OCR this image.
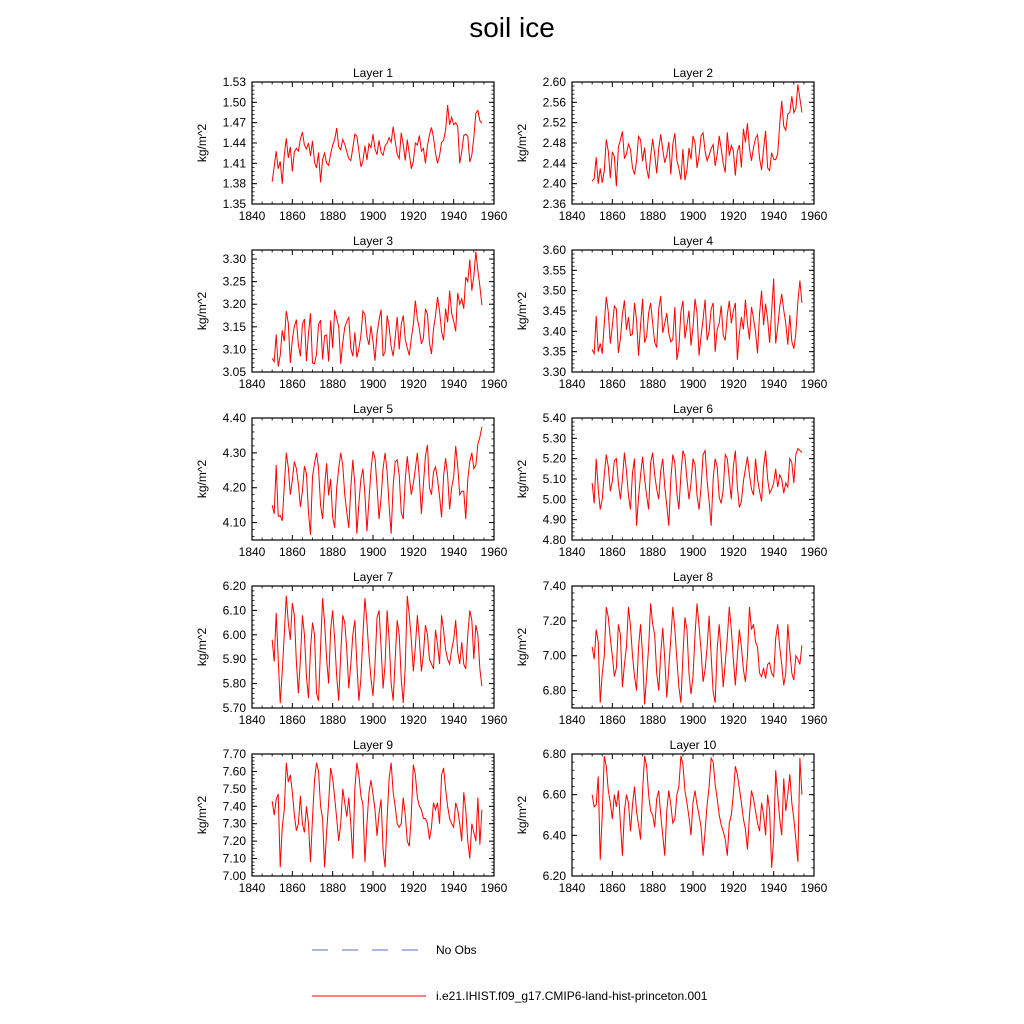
soil ice
Layer 1
kg/m^2
1840 1860 1880 1900 1920 1940 1960
1.35
1.38
1.41
1.44
1.47
1.50
1.53
Layer 2
kg/m^2
1840 1860 1880 1900 1920 1940 1960
2.36
2.40
2.44
2.48
2.52
2.56
2.60
Layer 3
kg/m^2
1840 1860 1880 1900 1920 1940 1960
3.05
3.10
3.15
3.20
3.25
3.30
Layer 4
kg/m^2
1840 1860 1880 1900 1920 1940 1960
3.30
3.35
3.40
3.45
3.50
3.55
3.60
Layer 5
kg/m^2
1840 1860 1880 1900 1920 1940 1960
4.10
4.20
4.30
4.40
Layer 6
kg/m^2
1840 1860 1880 1900 1920 1940 1960
4.80
4.90
5.00
5.10
5.20
5.30
5.40
Layer 7
kg/m^2
1840 1860 1880 1900 1920 1940 1960
5.70
5.80
5.90
6.00
6.10
6.20
Layer 8
kg/m^2
1840 1860 1880 1900 1920 1940 1960
6.80
7.00
7.20
7.40
Layer 9
kg/m^2
1840 1860 1880 1900 1920 1940 1960
7.00
7.10
7.20
7.30
7.40
7.50
7.60
7.70
Layer 10
kg/m^2
1840 1860 1880 1900 1920 1940 1960
6.20
6.40
6.60
6.80
No Obs
i.e21.IHIST.f09_g17.CMIP6-land-hist-princeton.001
